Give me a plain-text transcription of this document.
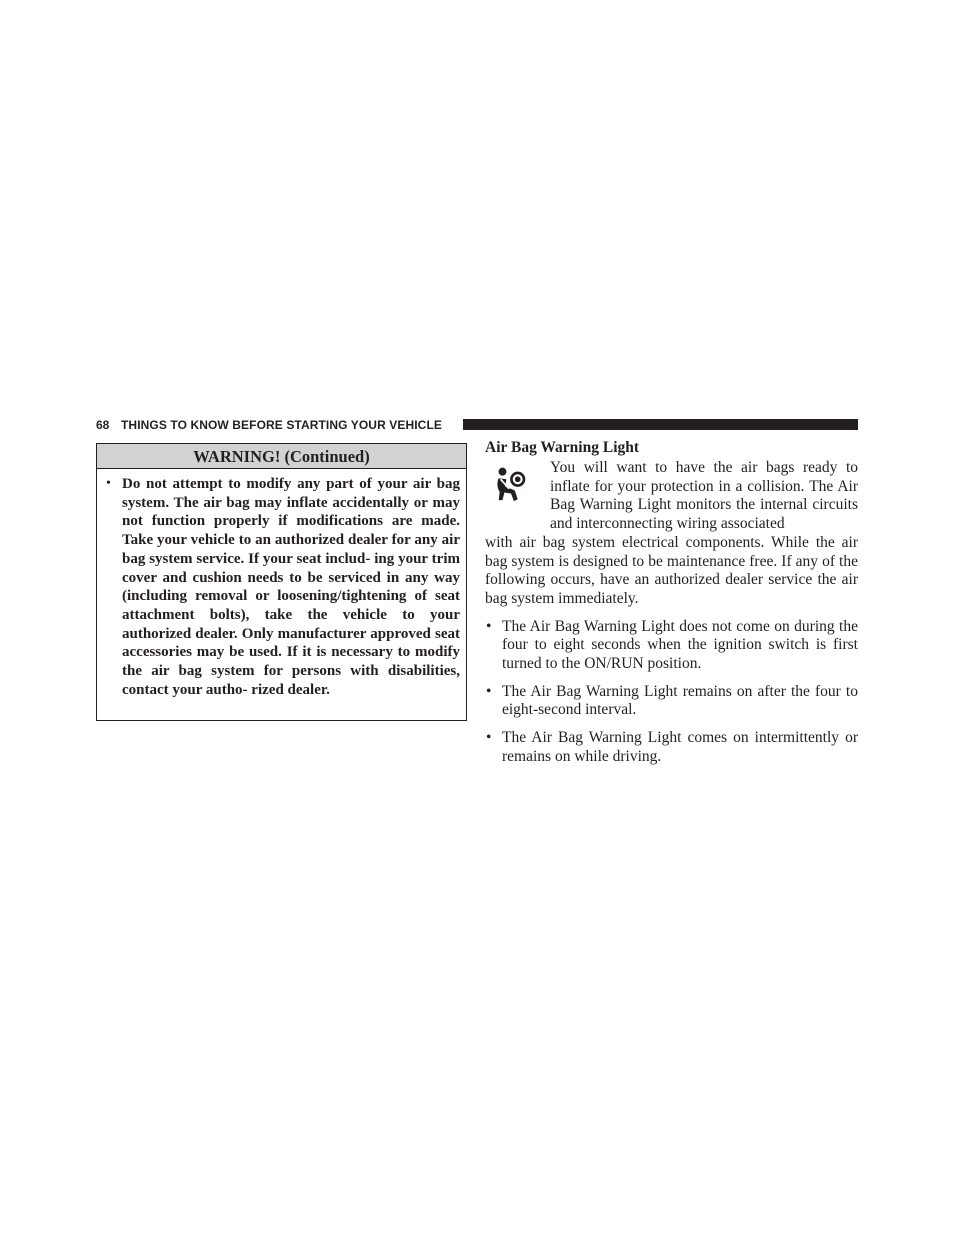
68 THINGS TO KNOW BEFORE STARTING YOUR VEHICLE
WARNING! (Continued)
• Do not attempt to modify any part of your air bag system. The air bag may inflate accidentally or may not function properly if modifications are made. Take your vehicle to an authorized dealer for any air bag system service. If your seat includ- ing your trim cover and cushion needs to be serviced in any way (including removal or loosening/tightening of seat attachment bolts), take the vehicle to your authorized dealer. Only manufacturer approved seat accessories may be used. If it is necessary to modify the air bag system for persons with disabilities, contact your autho- rized dealer.

Air Bag Warning Light

You will want to have the air bags ready to inflate for your protection in a collision. The Air Bag Warning Light monitors the internal circuits and interconnecting wiring associated
with air bag system electrical components. While the air bag system is designed to be maintenance free. If any of the following occurs, have an authorized dealer service the air bag system immediately.
• The Air Bag Warning Light does not come on during the four to eight seconds when the ignition switch is first turned to the ON/RUN position.
• The Air Bag Warning Light remains on after the four to eight-second interval.
• The Air Bag Warning Light comes on intermittently or remains on while driving.
